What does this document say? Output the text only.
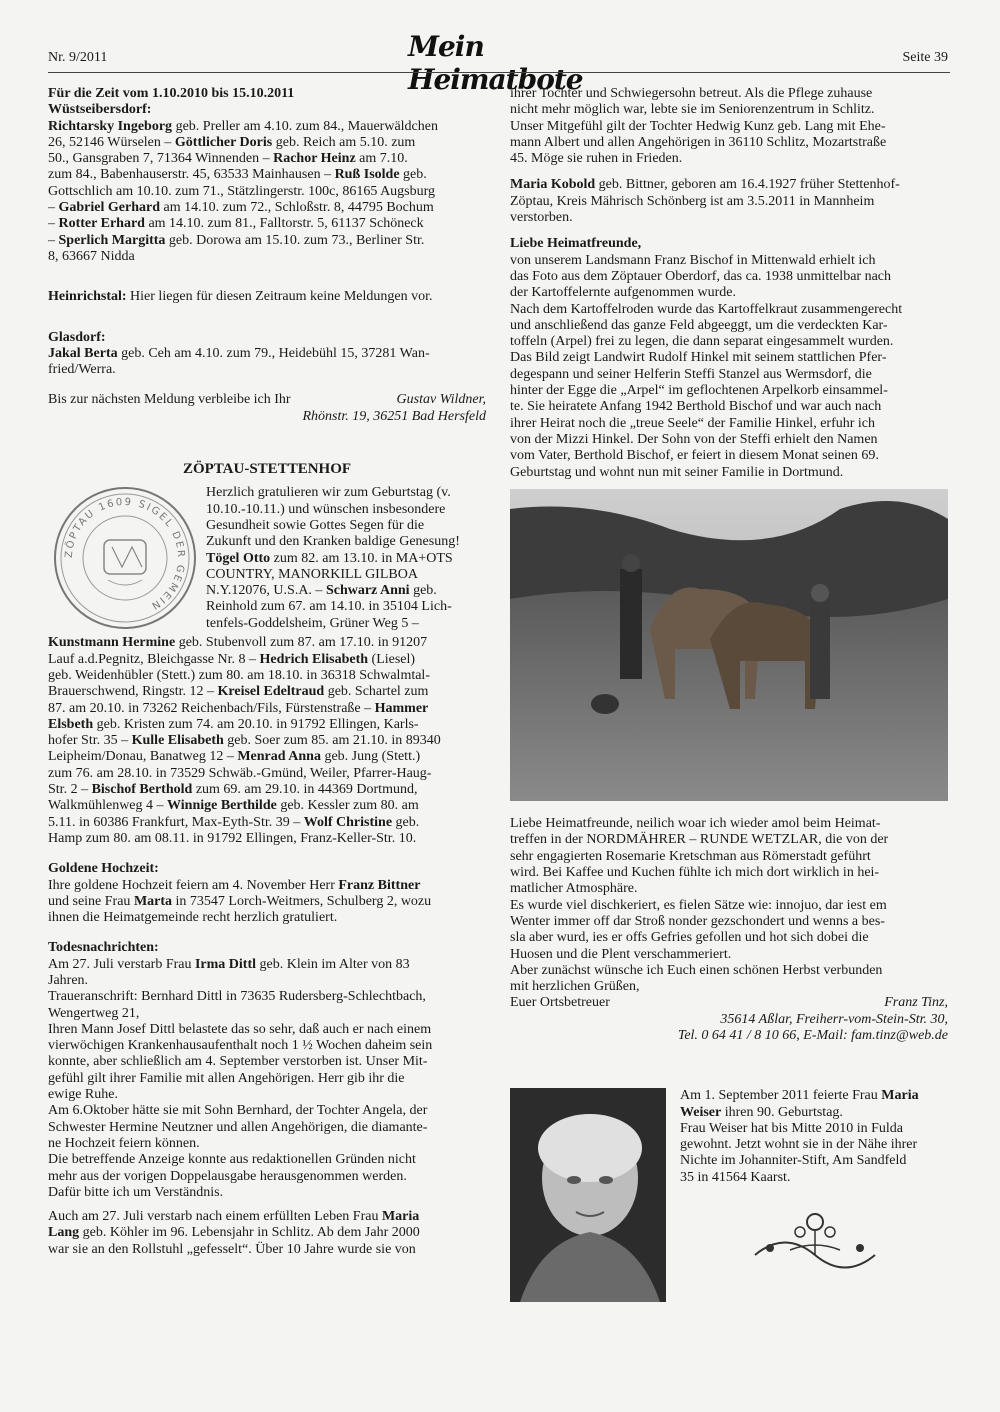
Nr. 9/2011	Mein Heimatbote
Seite 39

Für die Zeit vom 1.10.2010 bis 15.10.2011

Wüstseibersdorf:

Richtarsky Ingeborg geb. Preller am 4.10. zum 84., Mauerwäldchen
26, 52146 Würselen – Göttlicher Doris geb. Reich am 5.10. zum
50., Gansgraben 7, 71364 Winnenden – Rachor Heinz am 7.10.
zum 84., Babenhauserstr. 45, 63533 Mainhausen – Ruß Isolde geb.
Gottschlich am 10.10. zum 71., Stätzlingerstr. 100c, 86165 Augsburg
– Gabriel Gerhard am 14.10. zum 72., Schloßstr. 8, 44795 Bochum
– Rotter Erhard am 14.10. zum 81., Falltorstr. 5, 61137 Schöneck
– Sperlich Margitta geb. Dorowa am 15.10. zum 73., Berliner Str.
8, 63667 Nidda

Heinrichstal: Hier liegen für diesen Zeitraum keine Meldungen vor.

Glasdorf:

Jakal Berta geb. Ceh am 4.10. zum 79., Heidebühl 15, 37281 Wan-
fried/Werra.
Bis zur nächsten Meldung verbleibe ich Ihr	Gustav Wildner,

Rhönstr. 19, 36251 Bad Hersfeld

ZÖPTAU-STETTENHOF

ZÖPTAU 1609 SIGEL DER GEMEIN
Herzlich gratulieren wir zum Geburtstag (v.
10.10.-10.11.) und wünschen insbesondere
Gesundheit sowie Gottes Segen für die
Zukunft und den Kranken baldige Genesung!
Tögel Otto zum 82. am 13.10. in MA+OTS
COUNTRY, MANORKILL GILBOA
N.Y.12076, U.S.A. – Schwarz Anni geb.
Reinhold zum 67. am 14.10. in 35104 Lich-
tenfels-Goddelsheim, Grüner Weg 5 –
Kunstmann Hermine geb. Stubenvoll zum 87. am 17.10. in 91207
Lauf a.d.Pegnitz, Bleichgasse Nr. 8 – Hedrich Elisabeth (Liesel)
geb. Weidenhübler (Stett.) zum 80. am 18.10. in 36318 Schwalmtal-
Brauerschwend, Ringstr. 12 – Kreisel Edeltraud geb. Schartel zum
87. am 20.10. in 73262 Reichenbach/Fils, Fürstenstraße – Hammer
Elsbeth geb. Kristen zum 74. am 20.10. in 91792 Ellingen, Karls-
hofer Str. 35 – Kulle Elisabeth geb. Soer zum 85. am 21.10. in 89340
Leipheim/Donau, Banatweg 12 – Menrad Anna geb. Jung (Stett.)
zum 76. am 28.10. in 73529 Schwäb.-Gmünd, Weiler, Pfarrer-Haug-
Str. 2 – Bischof Berthold zum 69. am 29.10. in 44369 Dortmund,
Walkmühlenweg 4 – Winnige Berthilde geb. Kessler zum 80. am
5.11. in 60386 Frankfurt, Max-Eyth-Str. 39 – Wolf Christine geb.
Hamp zum 80. am 08.11. in 91792 Ellingen, Franz-Keller-Str. 10.

Goldene Hochzeit:

Ihre goldene Hochzeit feiern am 4. November Herr Franz Bittner
und seine Frau Marta in 73547 Lorch-Weitmers, Schulberg 2, wozu
ihnen die Heimatgemeinde recht herzlich gratuliert.

Todesnachrichten:

Am 27. Juli verstarb Frau Irma Dittl geb. Klein im Alter von 83
Jahren.
Traueranschrift: Bernhard Dittl in 73635 Rudersberg-Schlechtbach,
Wengertweg 21,
Ihren Mann Josef Dittl belastete das so sehr, daß auch er nach einem
vierwöchigen Krankenhausaufenthalt noch 1 ½ Wochen daheim sein
konnte, aber schließlich am 4. September verstorben ist. Unser Mit-
gefühl gilt ihrer Familie mit allen Angehörigen. Herr gib ihr die
ewige Ruhe.
Am 6.Oktober hätte sie mit Sohn Bernhard, der Tochter Angela, der
Schwester Hermine Neutzner und allen Angehörigen, die diamante-
ne Hochzeit feiern können.
Die betreffende Anzeige konnte aus redaktionellen Gründen nicht
mehr aus der vorigen Doppelausgabe herausgenommen werden.
Dafür bitte ich um Verständnis.
Auch am 27. Juli verstarb nach einem erfüllten Leben Frau Maria
Lang geb. Köhler im 96. Lebensjahr in Schlitz. Ab dem Jahr 2000
war sie an den Rollstuhl „gefesselt“. Über 10 Jahre wurde sie von
ihrer Tochter und Schwiegersohn betreut. Als die Pflege zuhause
nicht mehr möglich war, lebte sie im Seniorenzentrum in Schlitz.
Unser Mitgefühl gilt der Tochter Hedwig Kunz geb. Lang mit Ehe-
mann Albert und allen Angehörigen in 36110 Schlitz, Mozartstraße
45. Möge sie ruhen in Frieden.
Maria Kobold geb. Bittner, geboren am 16.4.1927 früher Stettenhof-
Zöptau, Kreis Mährisch Schönberg ist am 3.5.2011 in Mannheim
verstorben.

Liebe Heimatfreunde,

von unserem Landsmann Franz Bischof in Mittenwald erhielt ich
das Foto aus dem Zöptauer Oberdorf, das ca. 1938 unmittelbar nach
der Kartoffelernte aufgenommen wurde.
Nach dem Kartoffelroden wurde das Kartoffelkraut zusammengerecht
und anschließend das ganze Feld abgeeggt, um die verdeckten Kar-
toffeln (Arpel) frei zu legen, die dann separat eingesammelt wurden.
Das Bild zeigt Landwirt Rudolf Hinkel mit seinem stattlichen Pfer-
degespann und seiner Helferin Steffi Stanzel aus Wermsdorf, die
hinter der Egge die „Arpel“ im geflochtenen Arpelkorb einsammel-
te. Sie heiratete Anfang 1942 Berthold Bischof und war auch nach
ihrer Heirat noch die „treue Seele“ der Familie Hinkel, erfuhr ich
von der Mizzi Hinkel. Der Sohn von der Steffi erhielt den Namen
vom Vater, Berthold Bischof, er feiert in diesem Monat seinen 69.
Geburtstag und wohnt nun mit seiner Familie in Dortmund.
Liebe Heimatfreunde, neilich woar ich wieder amol beim Heimat-
treffen in der NORDMÄHRER – RUNDE WETZLAR, die von der
sehr engagierten Rosemarie Kretschman aus Römerstadt geführt
wird. Bei Kaffee und Kuchen fühlte ich mich dort wirklich in hei-
matlicher Atmosphäre.
Es wurde viel dischkeriert, es fielen Sätze wie: innojuo, dar iest em
Wenter immer off dar Stroß nonder gezschondert und wenns a bes-
sla aber wurd, ies er offs Gefries gefollen und hot sich dobei die
Huosen und die Plent verschammeriert.
Aber zunächst wünsche ich Euch einen schönen Herbst verbunden
mit herzlichen Grüßen,
Euer Ortsbetreuer	Franz Tinz,

35614 Aßlar, Freiherr-vom-Stein-Str. 30,

Tel. 0 64 41 / 8 10 66, E-Mail: fam.tinz@web.de

Am 1. September 2011 feierte Frau Maria
Weiser ihren 90. Geburtstag.
Frau Weiser hat bis Mitte 2010 in Fulda
gewohnt. Jetzt wohnt sie in der Nähe ihrer
Nichte im Johanniter-Stift, Am Sandfeld
35 in 41564 Kaarst.
